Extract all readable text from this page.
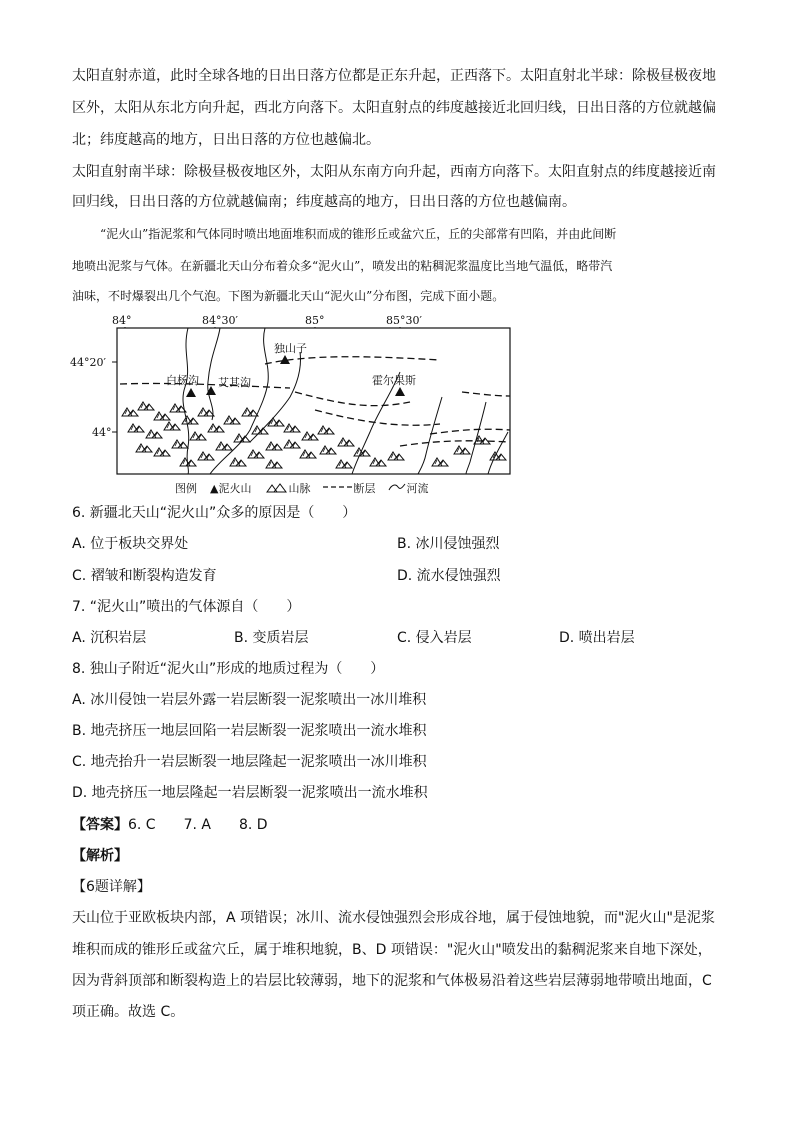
太阳直射赤道，此时全球各地的日出日落方位都是正东升起，正西落下。太阳直射北半球：除极昼极夜地
区外，太阳从东北方向升起，西北方向落下。太阳直射点的纬度越接近北回归线，日出日落的方位就越偏
北；纬度越高的地方，日出日落的方位也越偏北。
太阳直射南半球：除极昼极夜地区外，太阳从东南方向升起，西南方向落下。太阳直射点的纬度越接近南
回归线，日出日落的方位就越偏南；纬度越高的地方，日出日落的方位也越偏南。
“泥火山”指泥浆和气体同时喷出地面堆积而成的锥形丘或盆穴丘，丘的尖部常有凹陷，并由此间断
地喷出泥浆与气体。在新疆北天山分布着众多“泥火山”，喷发出的粘稠泥浆温度比当地气温低，略带汽
油味，不时爆裂出几个气泡。下图为新疆北天山“泥火山”分布图，完成下面小题。
84°	84°30′	85°	85°30′
44°20′
44°
独山子
白杨沟 艾其沟	霍尔果斯
图例 ▲泥火山	山脉	断层	河流
6. 新疆北天山“泥火山”众多的原因是（　　）
A. 位于板块交界处	B. 冰川侵蚀强烈
C. 褶皱和断裂构造发育	D. 流水侵蚀强烈
7. “泥火山”喷出的气体源自（　　）
A. 沉积岩层	B. 变质岩层	C. 侵入岩层	D. 喷出岩层
8. 独山子附近“泥火山”形成的地质过程为（　　）
A. 冰川侵蚀一岩层外露一岩层断裂一泥浆喷出一冰川堆积
B. 地壳挤压一地层回陷一岩层断裂一泥浆喷出一流水堆积
C. 地壳抬升一岩层断裂一地层隆起一泥浆喷出一冰川堆积
D. 地壳挤压一地层隆起一岩层断裂一泥浆喷出一流水堆积
【答案】6. C　　7. A　　8. D
【解析】
【6题详解】
天山位于亚欧板块内部，A 项错误；冰川、流水侵蚀强烈会形成谷地，属于侵蚀地貌，而"泥火山"是泥浆
堆积而成的锥形丘或盆穴丘，属于堆积地貌，B、D 项错误："泥火山"喷发出的黏稠泥浆来自地下深处，
因为背斜顶部和断裂构造上的岩层比较薄弱，地下的泥浆和气体极易沿着这些岩层薄弱地带喷出地面，C
项正确。故选 C。
